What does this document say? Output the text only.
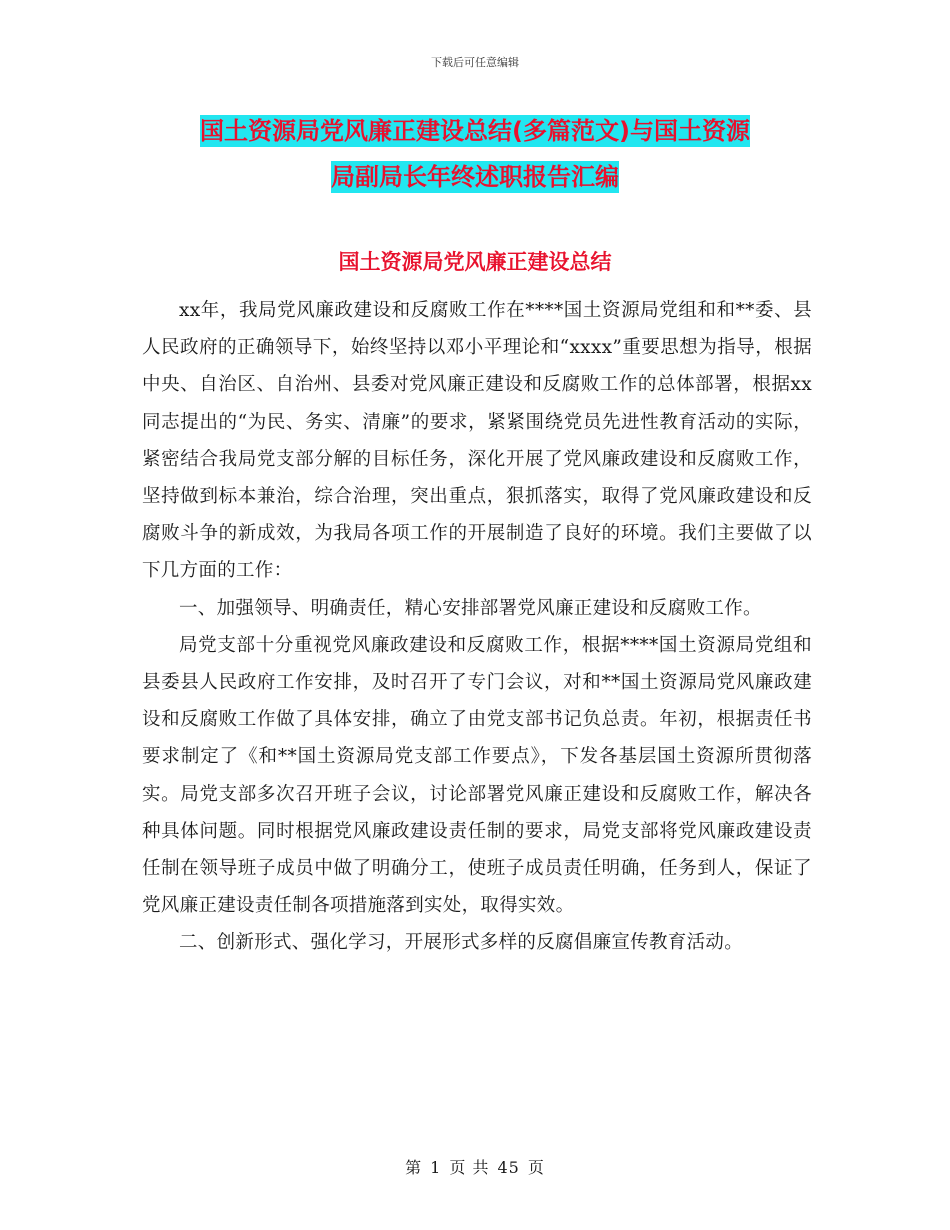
下载后可任意编辑
国土资源局党风廉正建设总结(多篇范文)与国土资源
局副局长年终述职报告汇编
国土资源局党风廉正建设总结

xx年，我局党风廉政建设和反腐败工作在****国土资源局党组和和**委、县人民政府的正确领导下，始终坚持以邓小平理论和“xxxx”重要思想为指导，根据中央、自治区、自治州、县委对党风廉正建设和反腐败工作的总体部署，根据xx同志提出的“为民、务实、清廉”的要求，紧紧围绕党员先进性教育活动的实际，紧密结合我局党支部分解的目标任务，深化开展了党风廉政建设和反腐败工作，坚持做到标本兼治，综合治理，突出重点，狠抓落实，取得了党风廉政建设和反腐败斗争的新成效，为我局各项工作的开展制造了良好的环境。我们主要做了以下几方面的工作：

一、加强领导、明确责任，精心安排部署党风廉正建设和反腐败工作。

局党支部十分重视党风廉政建设和反腐败工作，根据****国土资源局党组和县委县人民政府工作安排，及时召开了专门会议，对和**国土资源局党风廉政建设和反腐败工作做了具体安排，确立了由党支部书记负总责。年初，根据责任书要求制定了《和**国土资源局党支部工作要点》，下发各基层国土资源所贯彻落实。局党支部多次召开班子会议，讨论部署党风廉正建设和反腐败工作，解决各种具体问题。同时根据党风廉政建设责任制的要求，局党支部将党风廉政建设责任制在领导班子成员中做了明确分工，使班子成员责任明确，任务到人，保证了党风廉正建设责任制各项措施落到实处，取得实效。

二、创新形式、强化学习，开展形式多样的反腐倡廉宣传教育活动。

第 1 页 共 45 页
